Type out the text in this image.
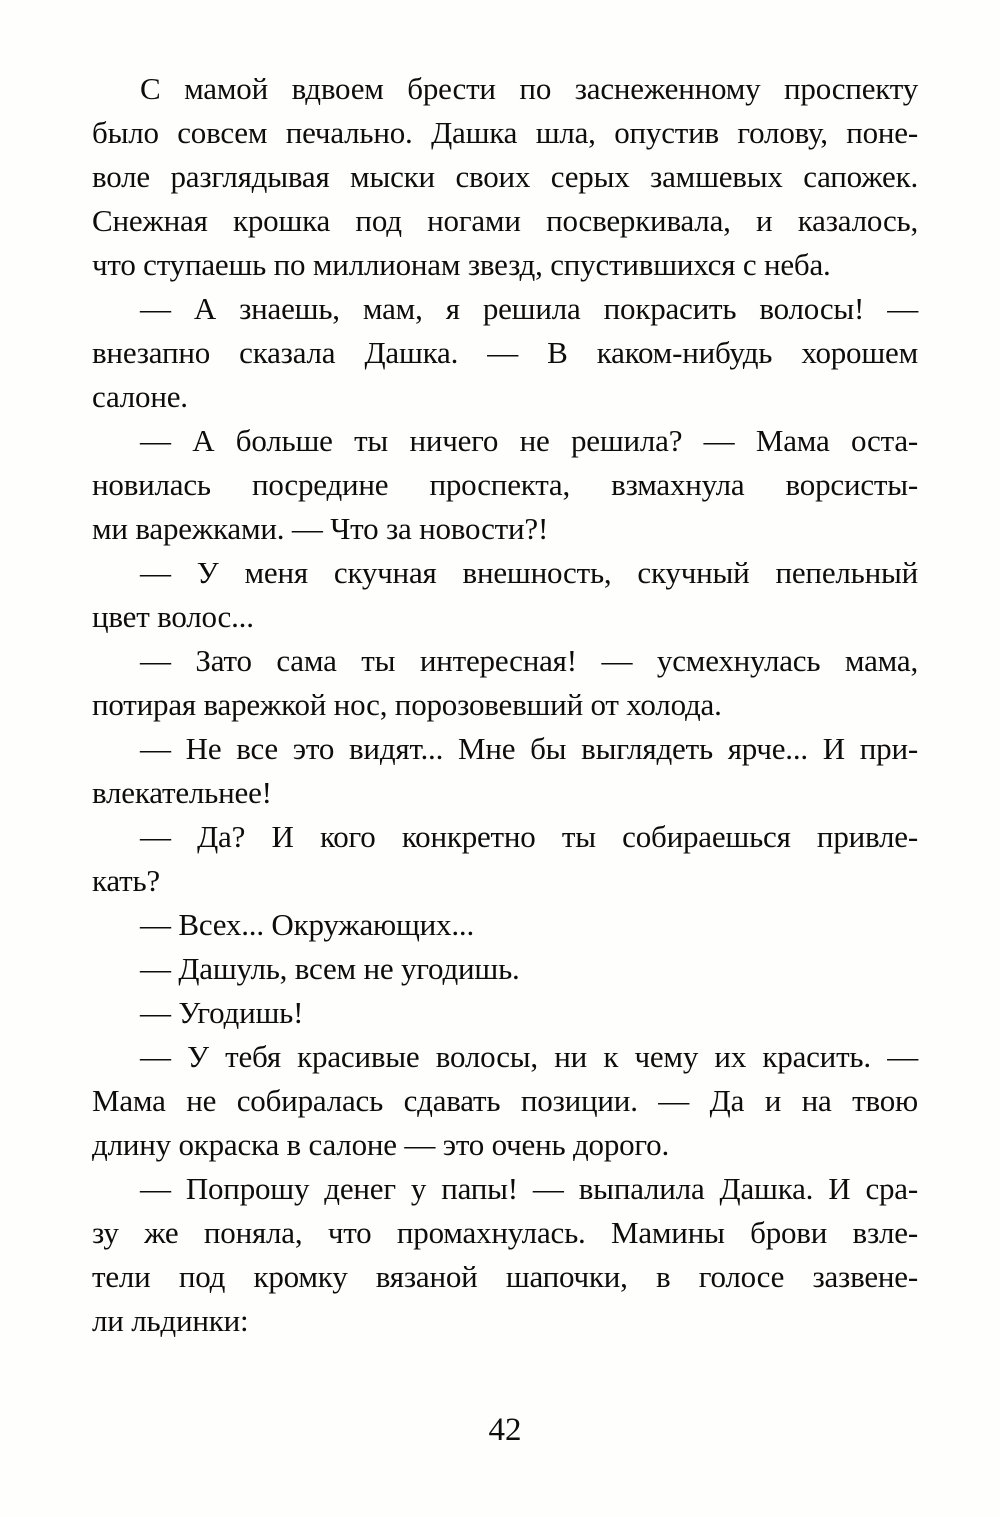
С мамой вдвоем брести по заснеженному проспекту
было совсем печально. Дашка шла, опустив голову, поне-
воле разглядывая мыски своих серых замшевых сапожек.
Снежная крошка под ногами посверкивала, и казалось,
что ступаешь по миллионам звезд, спустившихся с неба.
— А знаешь, мам, я решила покрасить волосы! —
внезапно сказала Дашка. — В каком-нибудь хорошем
салоне.
— А больше ты ничего не решила? — Мама оста-
новилась посредине проспекта, взмахнула ворсисты-
ми варежками. — Что за новости?!
— У меня скучная внешность, скучный пепельный
цвет волос...
— Зато сама ты интересная! — усмехнулась мама,
потирая варежкой нос, порозовевший от холода.
— Не все это видят... Мне бы выглядеть ярче... И при-
влекательнее!
— Да? И кого конкретно ты собираешься привле-
кать?
— Всех... Окружающих...
— Дашуль, всем не угодишь.
— Угодишь!
— У тебя красивые волосы, ни к чему их красить. —
Мама не собиралась сдавать позиции. — Да и на твою
длину окраска в салоне — это очень дорого.
— Попрошу денег у папы! — выпалила Дашка. И сра-
зу же поняла, что промахнулась. Мамины брови взле-
тели под кромку вязаной шапочки, в голосе зазвене-
ли льдинки:
42
